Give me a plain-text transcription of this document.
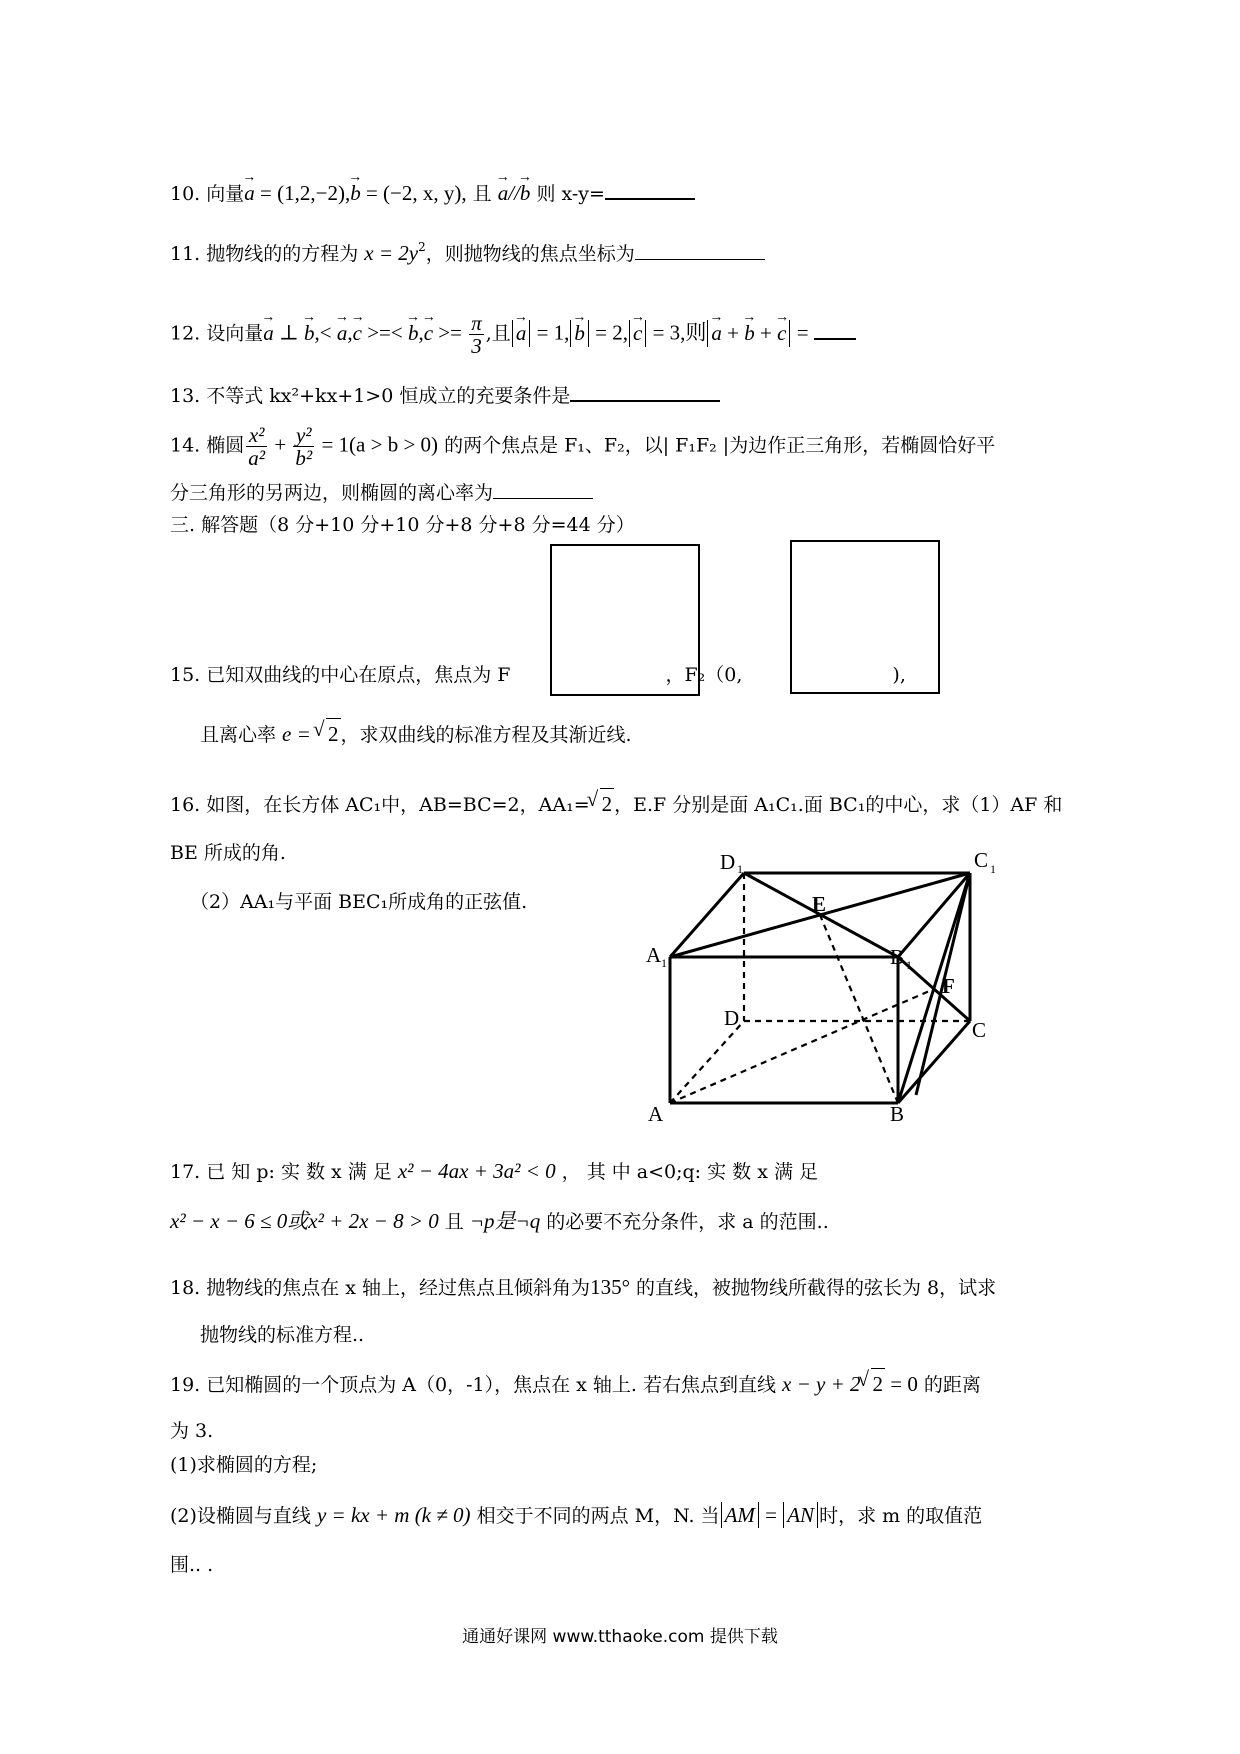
10. 向量→ a = (1,2,−2),→ b = (−2, x, y), 且 → a//→ b 则 x-y=
11. 抛物线的的方程为 $x = 2y^2$，则抛物线的焦点坐标为
12. 设向量→ a ⊥ → b,< → a,→ c >=< → $b,\to c >= \frac{\pi}{3}$ ,且 → a = 1, → b = 2, → c = 3,则 → a + → b + → c =
13. 不等式 kx²+kx+1>0 恒成立的充要条件是
14. 椭圆 $\frac{\text{x²}}{\text{a²}} + \frac{\text{y²}}{\text{b²}} = 1(a > b > 0)$ 的两个焦点是 F₁、F₂，以| F₁F₂ |为边作正三角形，若椭圆恰好平
分三角形的另两边，则椭圆的离心率为
三. 解答题（8 分+10 分+10 分+8 分+8 分=44 分）
15. 已知双曲线的中心在原点，焦点为 F	，F₂（0,	),
且离心率 e = √ 2 ，求双曲线的标准方程及其渐近线.
16. 如图，在长方体 AC₁中，AB=BC=2，AA₁= √ 2 ，E.F 分别是面 A₁C₁.面 BC₁的中心，求（1）AF 和
BE 所成的角.
（2）AA₁与平面 BEC₁所成角的正弦值.
D 1	C 1
A 1	B 1
D	C
A	B
E
F
17. 已 知 p: 实 数 x 满 足 x² − 4ax + 3a² < 0 ， 其 中 a<0;q: 实 数 x 满 足
x² − x − 6 ≤ 0或x² + 2x − 8 > 0 且 ¬p是¬q 的必要不充分条件，求 a 的范围..
18. 抛物线的焦点在 x 轴上，经过焦点且倾斜角为135° 的直线，被抛物线所截得的弦长为 8，试求
抛物线的标准方程..
19. 已知椭圆的一个顶点为 A（0，-1），焦点在 x 轴上. 若右焦点到直线 x − y + 2 √ 2 = 0 的距离
为 3.
(1)求椭圆的方程;
(2)设椭圆与直线 y = kx + m (k ≠ 0) 相交于不同的两点 M，N. 当 AM = AN 时，求 m 的取值范
围.. .
通通好课网 www.tthaoke.com 提供下载
